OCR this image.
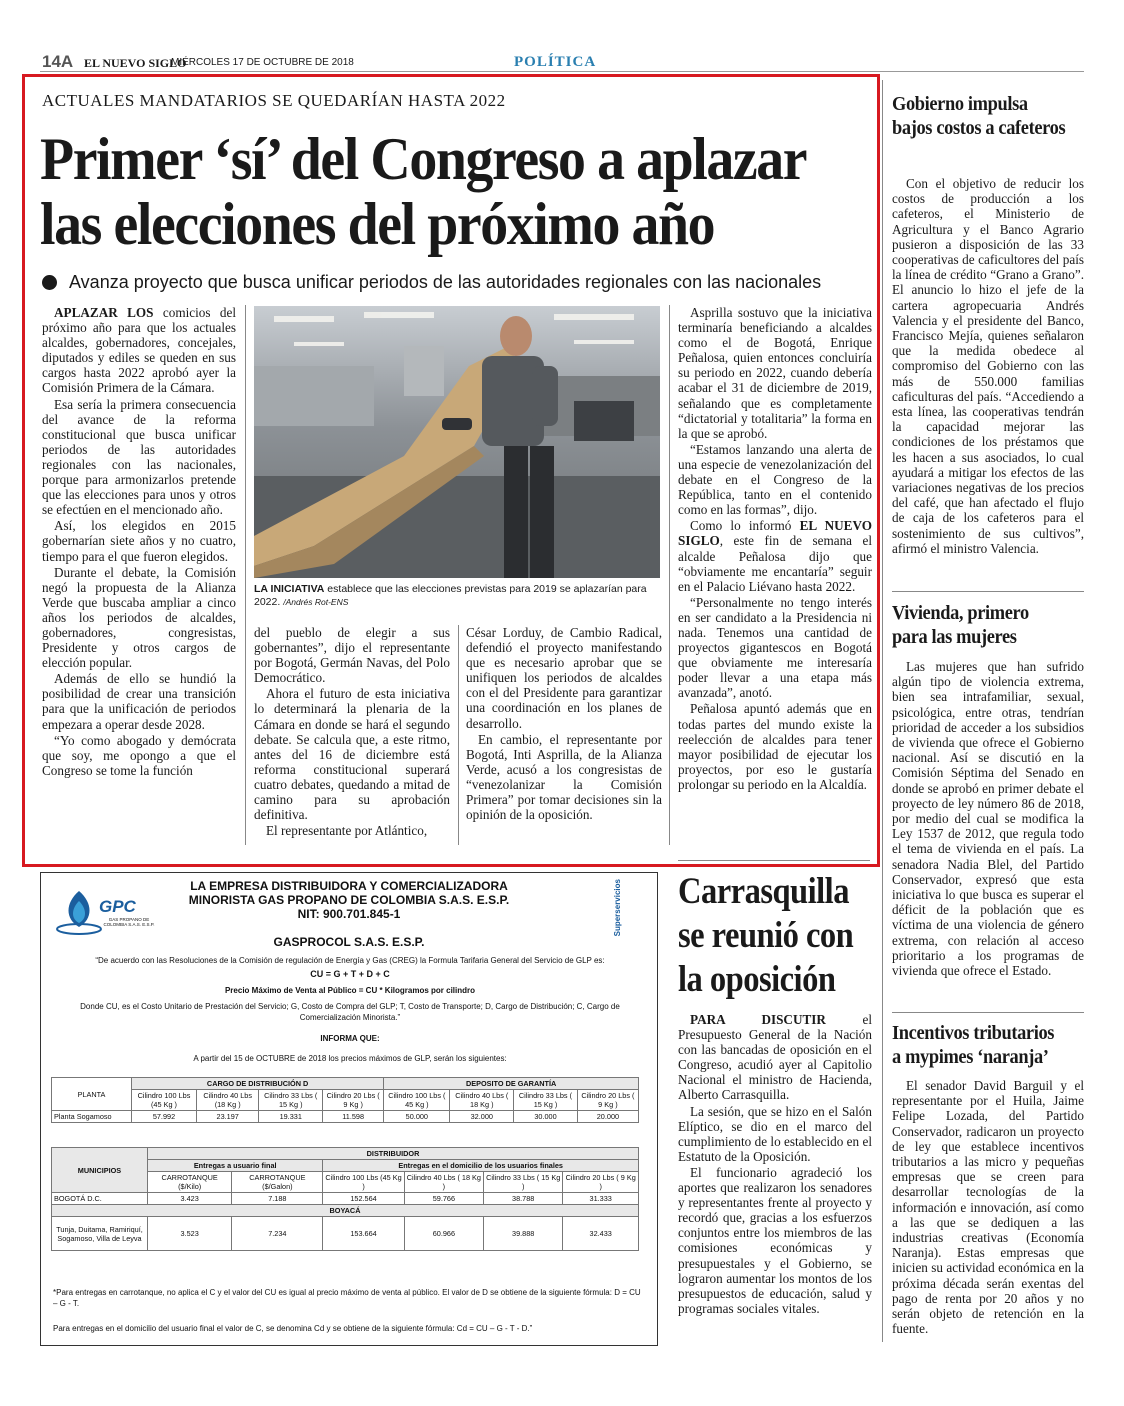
14A EL NUEVO SIGLO
MIÉRCOLES 17 DE OCTUBRE DE 2018	POLÍTICA
ACTUALES MANDATARIOS SE QUEDARÍAN HASTA 2022
Primer ‘sí’ del Congreso a aplazar
las elecciones del próximo año
Avanza proyecto que busca unificar periodos de las autoridades regionales con las nacionales

APLAZAR LOS comicios del próximo año para que los actuales alcaldes, gobernadores, concejales, diputados y ediles se queden en sus cargos hasta 2022 aprobó ayer la Comisión Primera de la Cámara.

Esa sería la primera consecuencia del avance de la reforma constitucional que busca unificar periodos de las autoridades regionales con las nacionales, porque para armonizarlos pretende que las elecciones para unos y otros se efectúen en el mencionado año.

Así, los elegidos en 2015 gobernarían siete años y no cuatro, tiempo para el que fueron elegidos.

Durante el debate, la Comisión negó la propuesta de la Alianza Verde que buscaba ampliar a cinco años los periodos de alcaldes, gobernadores, congresistas, Presidente y otros cargos de elección popular.

Además de ello se hundió la posibilidad de crear una transición para que la unificación de periodos empezara a operar desde 2028.

“Yo como abogado y demócrata que soy, me opongo a que el Congreso se tome la función

LA INICIATIVA establece que las elecciones previstas para 2019 se aplazarían para 2022. /Andrés Rot-ENS

del pueblo de elegir a sus gobernantes”, dijo el representante por Bogotá, Germán Navas, del Polo Democrático.

Ahora el futuro de esta iniciativa lo determinará la plenaria de la Cámara en donde se hará el segundo debate. Se calcula que, a este ritmo, antes del 16 de diciembre está reforma constitucional superará cuatro debates, quedando a mitad de camino para su aprobación definitiva.

El representante por Atlántico,

César Lorduy, de Cambio Radical, defendió el proyecto manifestando que es necesario aprobar que se unifiquen los periodos de alcaldes con el del Presidente para garantizar una coordinación en los planes de desarrollo.

En cambio, el representante por Bogotá, Inti Asprilla, de la Alianza Verde, acusó a los congresistas de “venezolanizar la Comisión Primera” por tomar decisiones sin la opinión de la oposición.

Asprilla sostuvo que la iniciativa terminaría beneficiando a alcaldes como el de Bogotá, Enrique Peñalosa, quien entonces concluiría su periodo en 2022, cuando debería acabar el 31 de diciembre de 2019, señalando que es completamente “dictatorial y totalitaria” la forma en la que se aprobó.

“Estamos lanzando una alerta de una especie de venezolanización del debate en el Congreso de la República, tanto en el contenido como en las formas”, dijo.

Como lo informó EL NUEVO SIGLO, este fin de semana el alcalde Peñalosa dijo que “obviamente me encantaría” seguir en el Palacio Liévano hasta 2022.

“Personalmente no tengo interés en ser candidato a la Presidencia ni nada. Tenemos una cantidad de proyectos gigantescos en Bogotá que obviamente me interesaría poder llevar a una etapa más avanzada”, anotó.

Peñalosa apuntó además que en todas partes del mundo existe la reelección de alcaldes para tener mayor posibilidad de ejecutar los proyectos, por eso le gustaría prolongar su periodo en la Alcaldía.

Gobierno impulsa bajos costos a cafeteros

Con el objetivo de reducir los costos de producción a los cafeteros, el Ministerio de Agricultura y el Banco Agrario pusieron a disposición de las 33 cooperativas de caficultores del país la línea de crédito “Grano a Grano”. El anuncio lo hizo el jefe de la cartera agropecuaria Andrés Valencia y el presidente del Banco, Francisco Mejía, quienes señalaron que la medida obedece al compromiso del Gobierno con las más de 550.000 familias caficulturas del país. “Accediendo a esta línea, las cooperativas tendrán la capacidad mejorar las condiciones de los préstamos que les hacen a sus asociados, lo cual ayudará a mitigar los efectos de las variaciones negativas de los precios del café, que han afectado el flujo de caja de los cafeteros para el sostenimiento de sus cultivos”, afirmó el ministro Valencia.

Vivienda, primero para las mujeres

Las mujeres que han sufrido algún tipo de violencia extrema, bien sea intrafamiliar, sexual, psicológica, entre otras, tendrían prioridad de acceder a los subsidios de vivienda que ofrece el Gobierno nacional. Así se discutió en la Comisión Séptima del Senado en donde se aprobó en primer debate el proyecto de ley número 86 de 2018, por medio del cual se modifica la Ley 1537 de 2012, que regula todo el tema de vivienda en el país. La senadora Nadia Blel, del Partido Conservador, expresó que esta iniciativa lo que busca es superar el déficit de la población que es víctima de una violencia de género extrema, con relación al acceso prioritario a los programas de vivienda que ofrece el Estado.

Incentivos tributarios a mypimes ‘naranja’

El senador David Barguil y el representante por el Huila, Jaime Felipe Lozada, del Partido Conservador, radicaron un proyecto de ley que establece incentivos tributarios a las micro y pequeñas empresas que se creen para desarrollar tecnologías de la información e innovación, así como a las que se dediquen a las industrias creativas (Economía Naranja). Estas empresas que inicien su actividad económica en la próxima década serán exentas del pago de renta por 20 años y no serán objeto de retención en la fuente.

Carrasquilla
se reunió con
la oposición

PARA DISCUTIR el Presupuesto General de la Nación con las bancadas de oposición en el Congreso, acudió ayer al Capitolio Nacional el ministro de Hacienda, Alberto Carrasquilla.

La sesión, que se hizo en el Salón Elíptico, se dio en el marco del cumplimiento de lo establecido en el Estatuto de la Oposición.

El funcionario agradeció los aportes que realizaron los senadores y representantes frente al proyecto y recordó que, gracias a los esfuerzos conjuntos entre los miembros de las comisiones económicas y presupuestales y el Gobierno, se lograron aumentar los montos de los presupuestos de educación, salud y programas sociales vitales.

GPC
GAS PROPANO DE COLOMBIA S.A.S. E.S.P.	Superservicios
LA EMPRESA DISTRIBUIDORA Y COMERCIALIZADORA
MINORISTA GAS PROPANO DE COLOMBIA S.A.S. E.S.P.
NIT: 900.701.845-1
GASPROCOL S.A.S. E.S.P.
“De acuerdo con las Resoluciones de la Comisión de regulación de Energía y Gas (CREG) la Formula Tarifaria General del Servicio de GLP es:
CU = G + T + D + C
Precio Máximo de Venta al Público = CU * Kilogramos por cilindro
Donde CU, es el Costo Unitario de Prestación del Servicio; G, Costo de Compra del GLP; T, Costo de Transporte; D, Cargo de Distribución; C, Cargo de Comercialización Minorista.”
INFORMA QUE:
A partir del 15 de OCTUBRE de 2018 los precios máximos de GLP, serán los siguientes:
PLANTA	CARGO DE DISTRIBUCIÓN D				DEPOSITO DE GARANTÍA			
	Cilindro 100 Lbs (45 Kg )	Cilindro 40 Lbs (18 Kg )	Cilindro 33 Lbs ( 15 Kg )	Cilindro 20 Lbs ( 9 Kg )	Cilindro 100 Lbs ( 45 Kg )	Cilindro 40 Lbs ( 18 Kg )	Cilindro 33 Lbs ( 15 Kg )	Cilindro 20 Lbs ( 9 Kg )
Planta Sogamoso	57.992	23.197	19.331	11.598	50.000	32.000	30.000	20.000
MUNICIPIOS	DISTRIBUIDOR					
	Entregas a usuario final		Entregas en el domicilio de los usuarios finales			
	CARROTANQUE ($/Kilo)	CARROTANQUE ($/Galon)	Cilindro 100 Lbs (45 Kg )	Cilindro 40 Lbs ( 18 Kg )	Cilindro 33 Lbs ( 15 Kg )	Cilindro 20 Lbs ( 9 Kg )
BOGOTÁ D.C.	3.423	7.188	152.564	59.766	38.788	31.333
BOYACÁ						
Tunja, Duitama, Ramiriquí, Sogamoso, Villa de Leyva	3.523	7.234	153.664	60.966	39.888	32.433
*Para entregas en carrotanque, no aplica el C y el valor del CU es igual al precio máximo de venta al público. El valor de D se obtiene de la siguiente fórmula: D = CU – G - T.
Para entregas en el domicilio del usuario final el valor de C, se denomina Cd y se obtiene de la siguiente fórmula: Cd = CU – G - T - D.”
